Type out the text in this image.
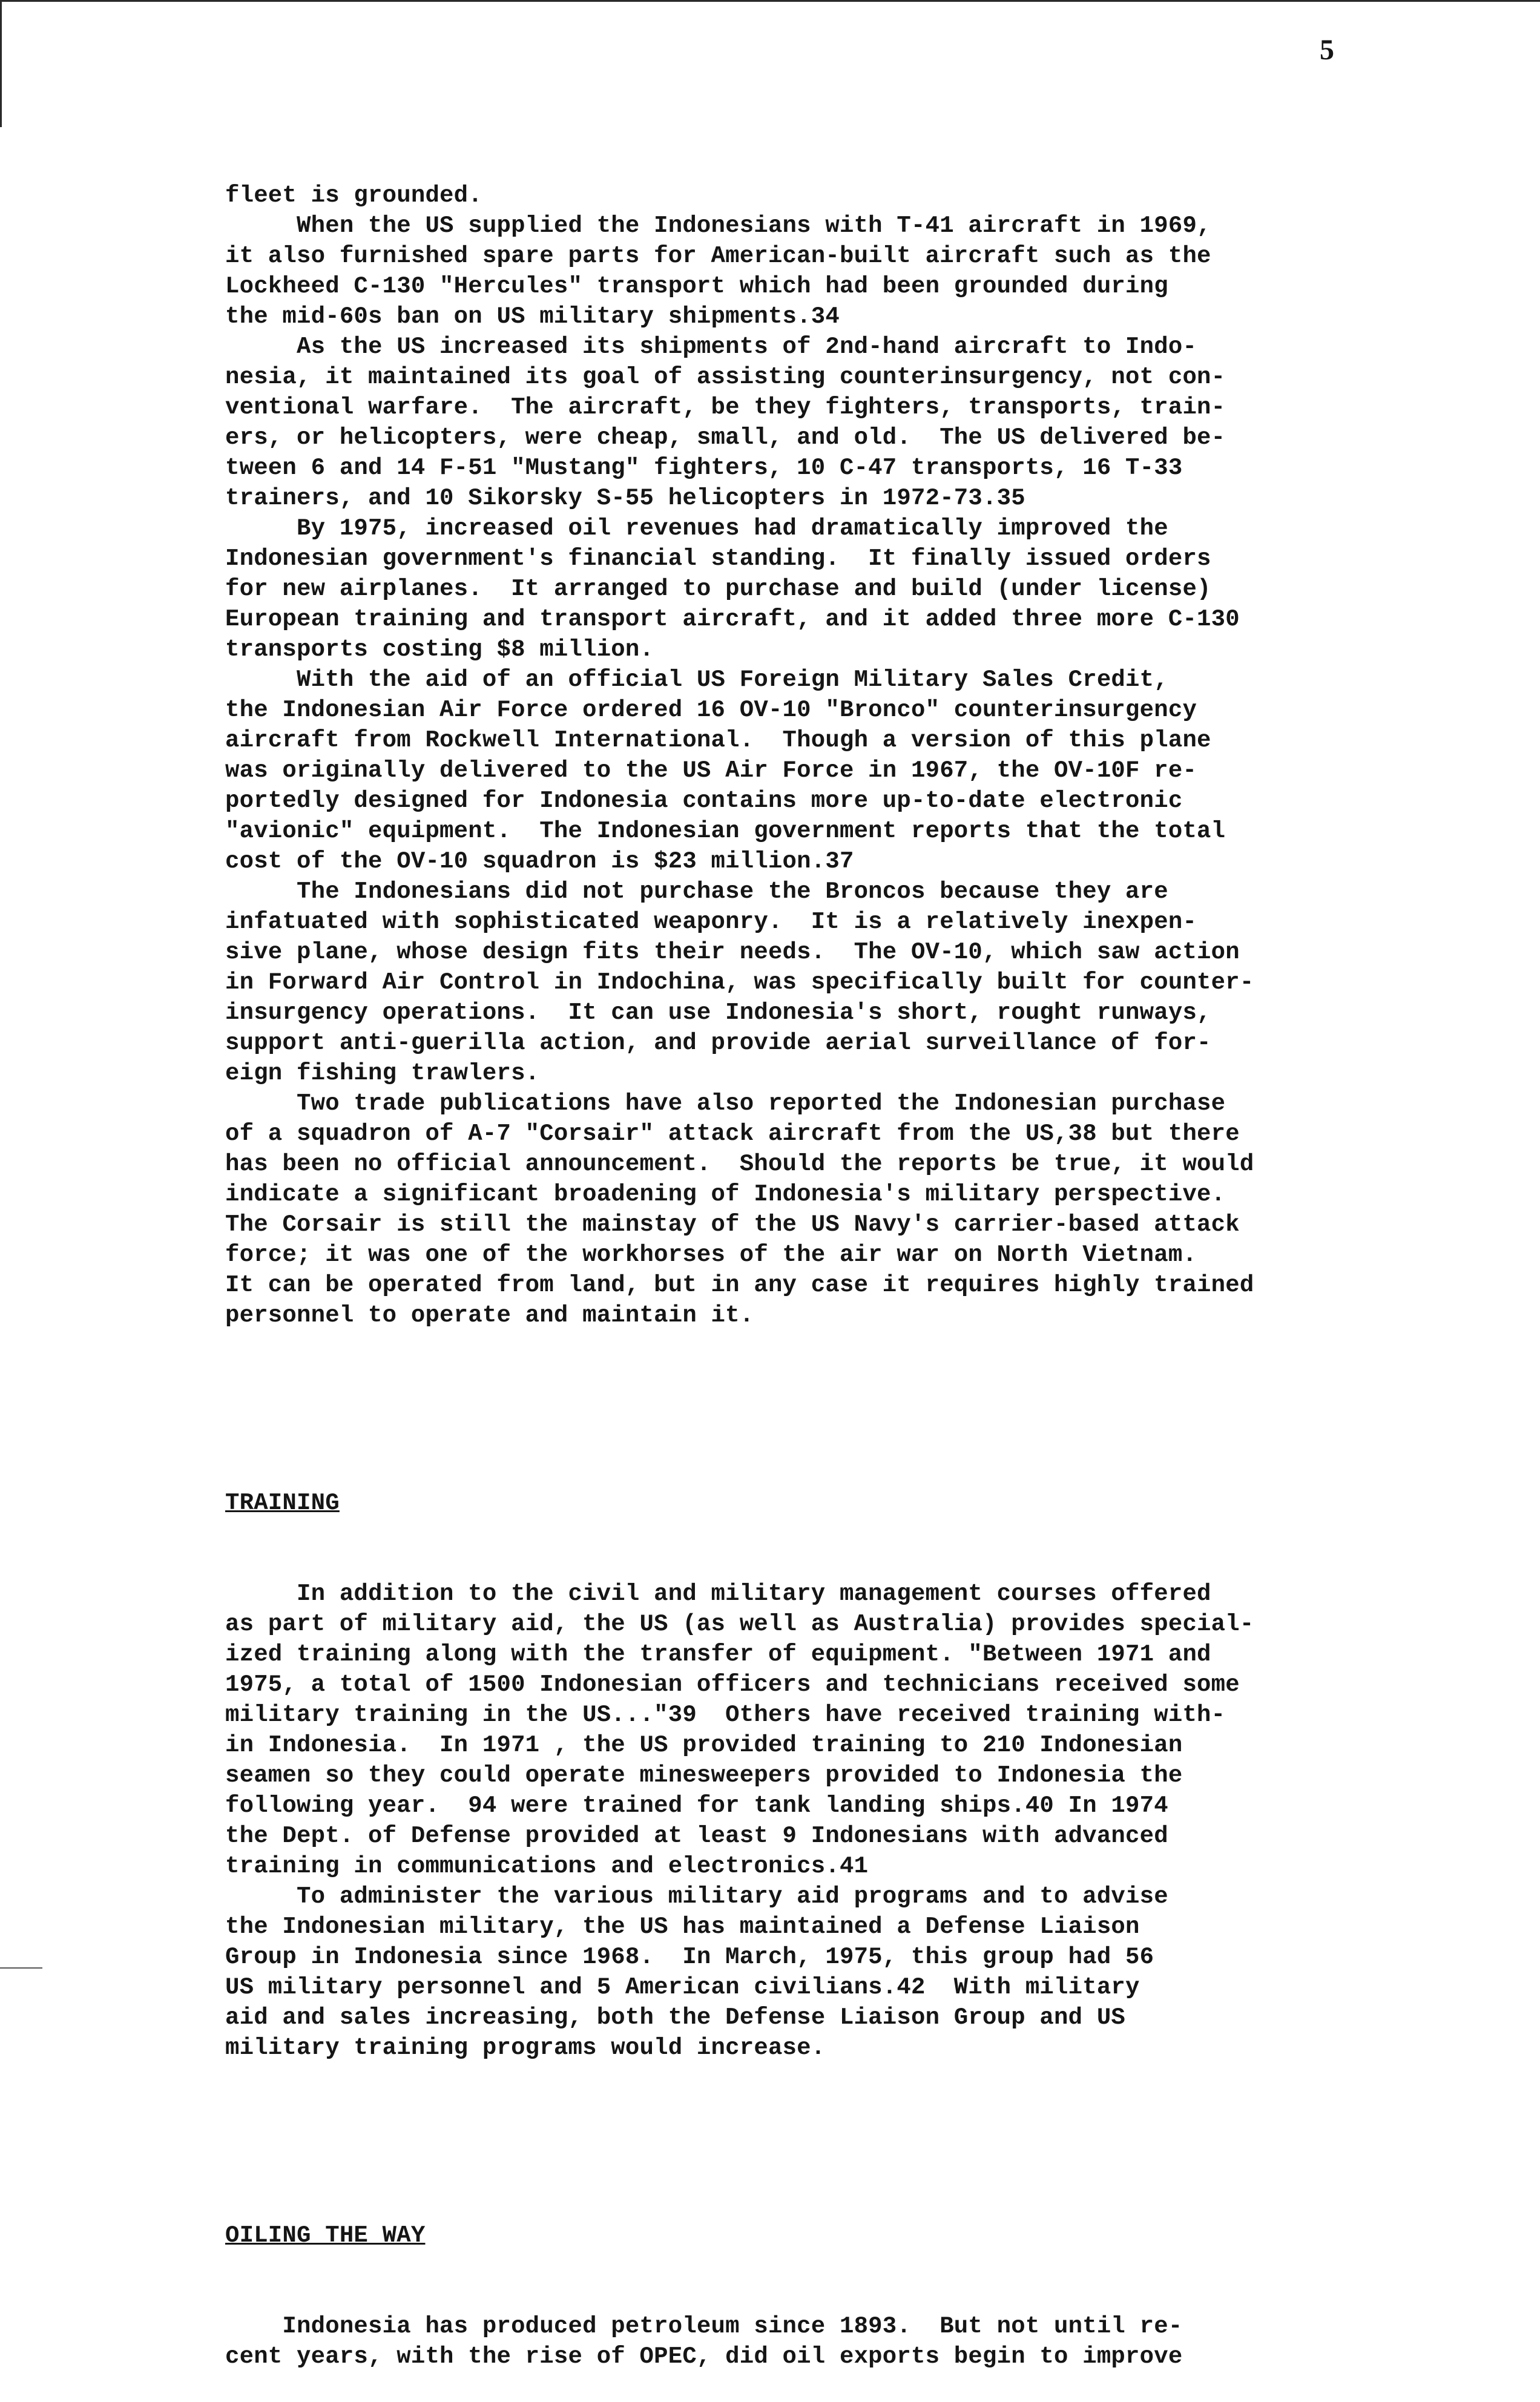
5

fleet is grounded.
When the US supplied the Indonesians with T-41 aircraft in 1969,
it also furnished spare parts for American-built aircraft such as the
Lockheed C-130 "Hercules" transport which had been grounded during
the mid-60s ban on US military shipments.34
As the US increased its shipments of 2nd-hand aircraft to Indo-
nesia, it maintained its goal of assisting counterinsurgency, not con-
ventional warfare.  The aircraft, be they fighters, transports, train-
ers, or helicopters, were cheap, small, and old.  The US delivered be-
tween 6 and 14 F-51 "Mustang" fighters, 10 C-47 transports, 16 T-33
trainers, and 10 Sikorsky S-55 helicopters in 1972-73.35
By 1975, increased oil revenues had dramatically improved the
Indonesian government's financial standing.  It finally issued orders
for new airplanes.  It arranged to purchase and build (under license)
European training and transport aircraft, and it added three more C-130
transports costing $8 million.
With the aid of an official US Foreign Military Sales Credit,
the Indonesian Air Force ordered 16 OV-10 "Bronco" counterinsurgency
aircraft from Rockwell International.  Though a version of this plane
was originally delivered to the US Air Force in 1967, the OV-10F re-
portedly designed for Indonesia contains more up-to-date electronic
"avionic" equipment.  The Indonesian government reports that the total
cost of the OV-10 squadron is $23 million.37
The Indonesians did not purchase the Broncos because they are
infatuated with sophisticated weaponry.  It is a relatively inexpen-
sive plane, whose design fits their needs.  The OV-10, which saw action
in Forward Air Control in Indochina, was specifically built for counter-
insurgency operations.  It can use Indonesia's short, rought runways,
support anti-guerilla action, and provide aerial surveillance of for-
eign fishing trawlers.
Two trade publications have also reported the Indonesian purchase
of a squadron of A-7 "Corsair" attack aircraft from the US,38 but there
has been no official announcement.  Should the reports be true, it would
indicate a significant broadening of Indonesia's military perspective.
The Corsair is still the mainstay of the US Navy's carrier-based attack
force; it was one of the workhorses of the air war on North Vietnam.
It can be operated from land, but in any case it requires highly trained
personnel to operate and maintain it.

TRAINING

In addition to the civil and military management courses offered
as part of military aid, the US (as well as Australia) provides special-
ized training along with the transfer of equipment. "Between 1971 and
1975, a total of 1500 Indonesian officers and technicians received some
military training in the US..."39  Others have received training with-
in Indonesia.  In 1971 , the US provided training to 210 Indonesian
seamen so they could operate minesweepers provided to Indonesia the
following year.  94 were trained for tank landing ships.40 In 1974
the Dept. of Defense provided at least 9 Indonesians with advanced
training in communications and electronics.41
To administer the various military aid programs and to advise
the Indonesian military, the US has maintained a Defense Liaison
Group in Indonesia since 1968.  In March, 1975, this group had 56
US military personnel and 5 American civilians.42  With military
aid and sales increasing, both the Defense Liaison Group and US
military training programs would increase.

OILING THE WAY

Indonesia has produced petroleum since 1893.  But not until re-
cent years, with the rise of OPEC, did oil exports begin to improve
